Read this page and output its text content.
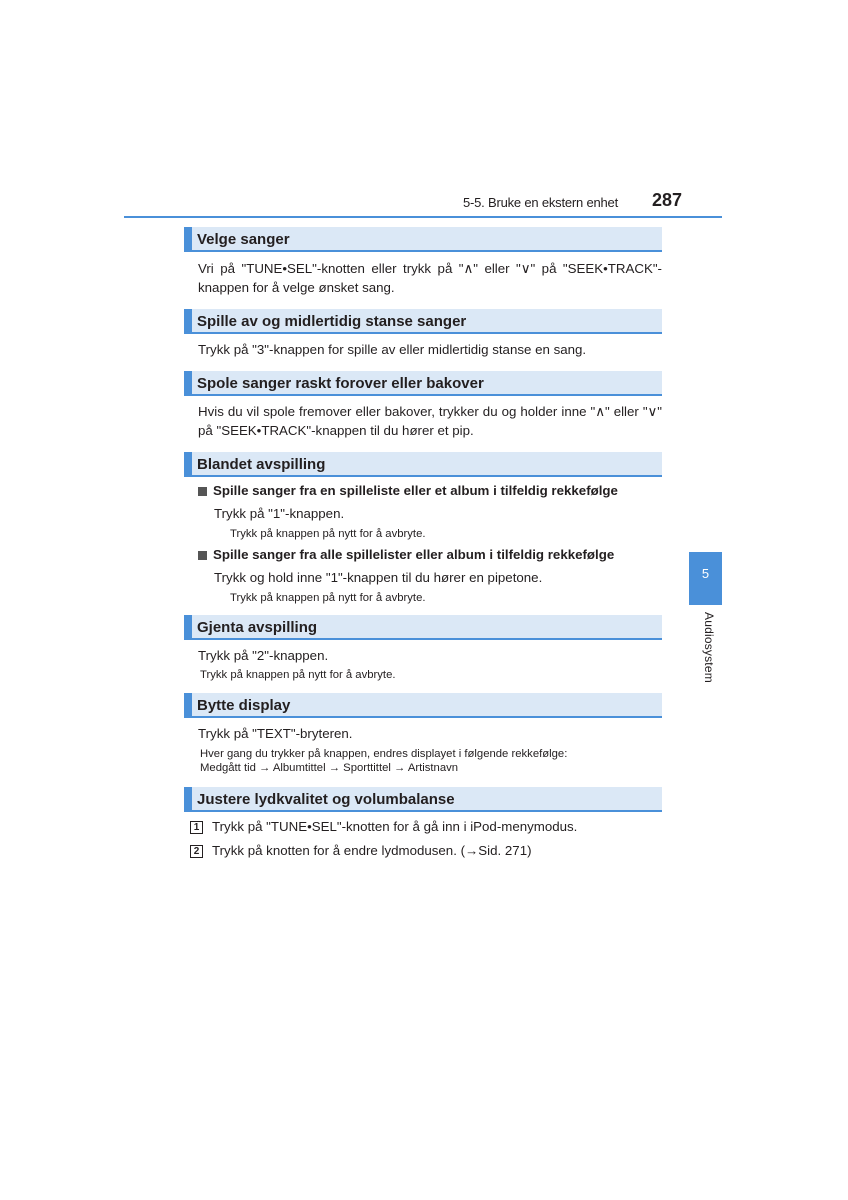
5-5. Bruke en ekstern enhet 287
5
Audiosystem
Velge sanger

Vri på "TUNE•SEL"-knotten eller trykk på "∧" eller "∨" på "SEEK•TRACK"-knappen for å velge ønsket sang.

Spille av og midlertidig stanse sanger

Trykk på "3"-knappen for spille av eller midlertidig stanse en sang.

Spole sanger raskt forover eller bakover

Hvis du vil spole fremover eller bakover, trykker du og holder inne "∧" eller "∨" på "SEEK•TRACK"-knappen til du hører et pip.

Blandet avspilling
Spille sanger fra en spilleliste eller et album i tilfeldig rekkefølge
Trykk på "1"-knappen.
Trykk på knappen på nytt for å avbryte.
Spille sanger fra alle spillelister eller album i tilfeldig rekkefølge
Trykk og hold inne "1"-knappen til du hører en pipetone.
Trykk på knappen på nytt for å avbryte.
Gjenta avspilling

Trykk på "2"-knappen.

Trykk på knappen på nytt for å avbryte.

Bytte display

Trykk på "TEXT"-bryteren.

Hver gang du trykker på knappen, endres displayet i følgende rekkefølge:

Medgått tid → Albumtittel → Sporttittel → Artistnavn

Justere lydkvalitet og volumbalanse
1 Trykk på "TUNE•SEL"-knotten for å gå inn i iPod-menymodus.
2 Trykk på knotten for å endre lydmodusen. (→Sid. 271)
